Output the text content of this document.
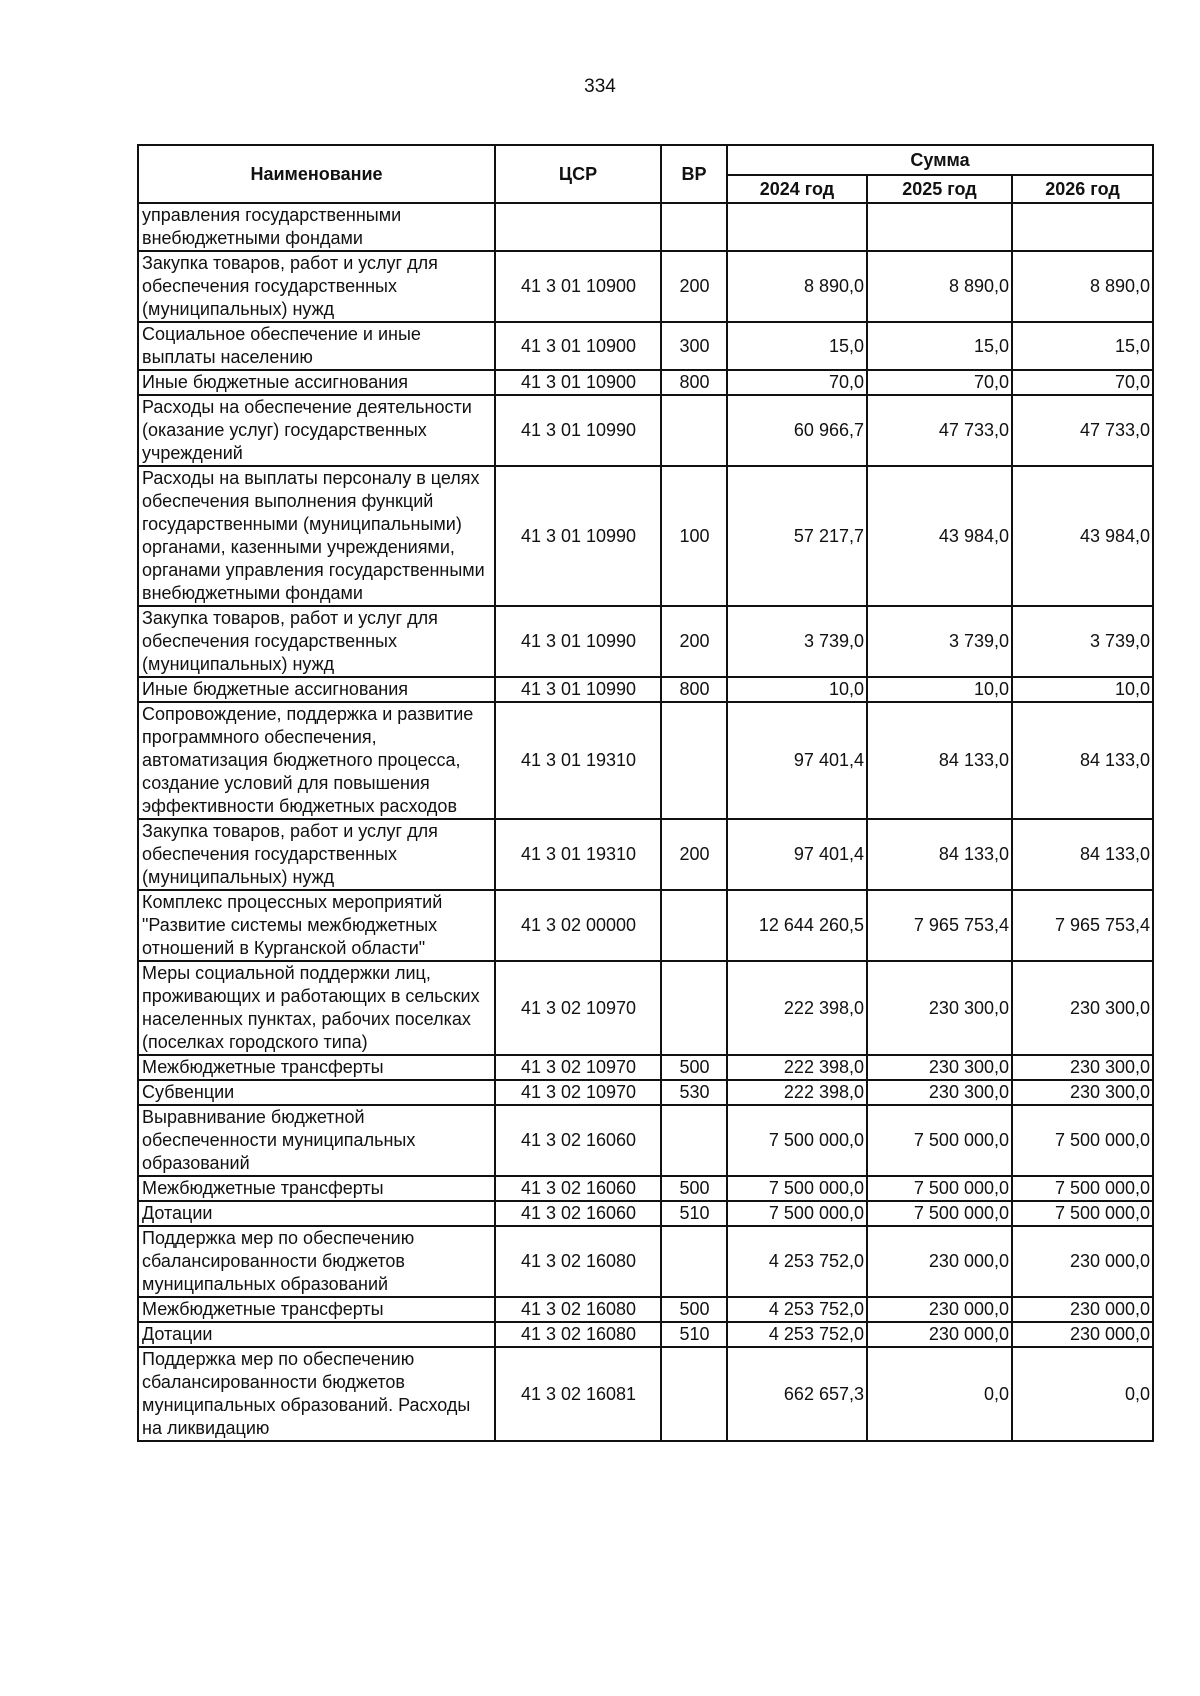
334
Наименование	ЦСР	ВР	Сумма		
			2024 год	2025 год	2026 год
управления государственными внебюджетными фондами					
Закупка товаров, работ и услуг для обеспечения государственных (муниципальных) нужд	41 3 01 10900	200	8 890,0	8 890,0	8 890,0
Социальное обеспечение и иные выплаты населению	41 3 01 10900	300	15,0	15,0	15,0
Иные бюджетные ассигнования	41 3 01 10900	800	70,0	70,0	70,0
Расходы на обеспечение деятельности (оказание услуг) государственных учреждений	41 3 01 10990		60 966,7	47 733,0	47 733,0
Расходы на выплаты персоналу в целях обеспечения выполнения функций государственными (муниципальными) органами, казенными учреждениями, органами управления государственными внебюджетными фондами	41 3 01 10990	100	57 217,7	43 984,0	43 984,0
Закупка товаров, работ и услуг для обеспечения государственных (муниципальных) нужд	41 3 01 10990	200	3 739,0	3 739,0	3 739,0
Иные бюджетные ассигнования	41 3 01 10990	800	10,0	10,0	10,0
Сопровождение, поддержка и развитие программного обеспечения, автоматизация бюджетного процесса, создание условий для повышения эффективности бюджетных расходов	41 3 01 19310		97 401,4	84 133,0	84 133,0
Закупка товаров, работ и услуг для обеспечения государственных (муниципальных) нужд	41 3 01 19310	200	97 401,4	84 133,0	84 133,0
Комплекс процессных мероприятий "Развитие системы межбюджетных отношений в Курганской области"	41 3 02 00000		12 644 260,5	7 965 753,4	7 965 753,4
Меры социальной поддержки лиц, проживающих и работающих в сельских населенных пунктах, рабочих поселках (поселках городского типа)	41 3 02 10970		222 398,0	230 300,0	230 300,0
Межбюджетные трансферты	41 3 02 10970	500	222 398,0	230 300,0	230 300,0
Субвенции	41 3 02 10970	530	222 398,0	230 300,0	230 300,0
Выравнивание бюджетной обеспеченности муниципальных образований	41 3 02 16060		7 500 000,0	7 500 000,0	7 500 000,0
Межбюджетные трансферты	41 3 02 16060	500	7 500 000,0	7 500 000,0	7 500 000,0
Дотации	41 3 02 16060	510	7 500 000,0	7 500 000,0	7 500 000,0
Поддержка мер по обеспечению сбалансированности бюджетов муниципальных образований	41 3 02 16080		4 253 752,0	230 000,0	230 000,0
Межбюджетные трансферты	41 3 02 16080	500	4 253 752,0	230 000,0	230 000,0
Дотации	41 3 02 16080	510	4 253 752,0	230 000,0	230 000,0
Поддержка мер по обеспечению сбалансированности бюджетов муниципальных образований. Расходы на ликвидацию	41 3 02 16081		662 657,3	0,0	0,0
